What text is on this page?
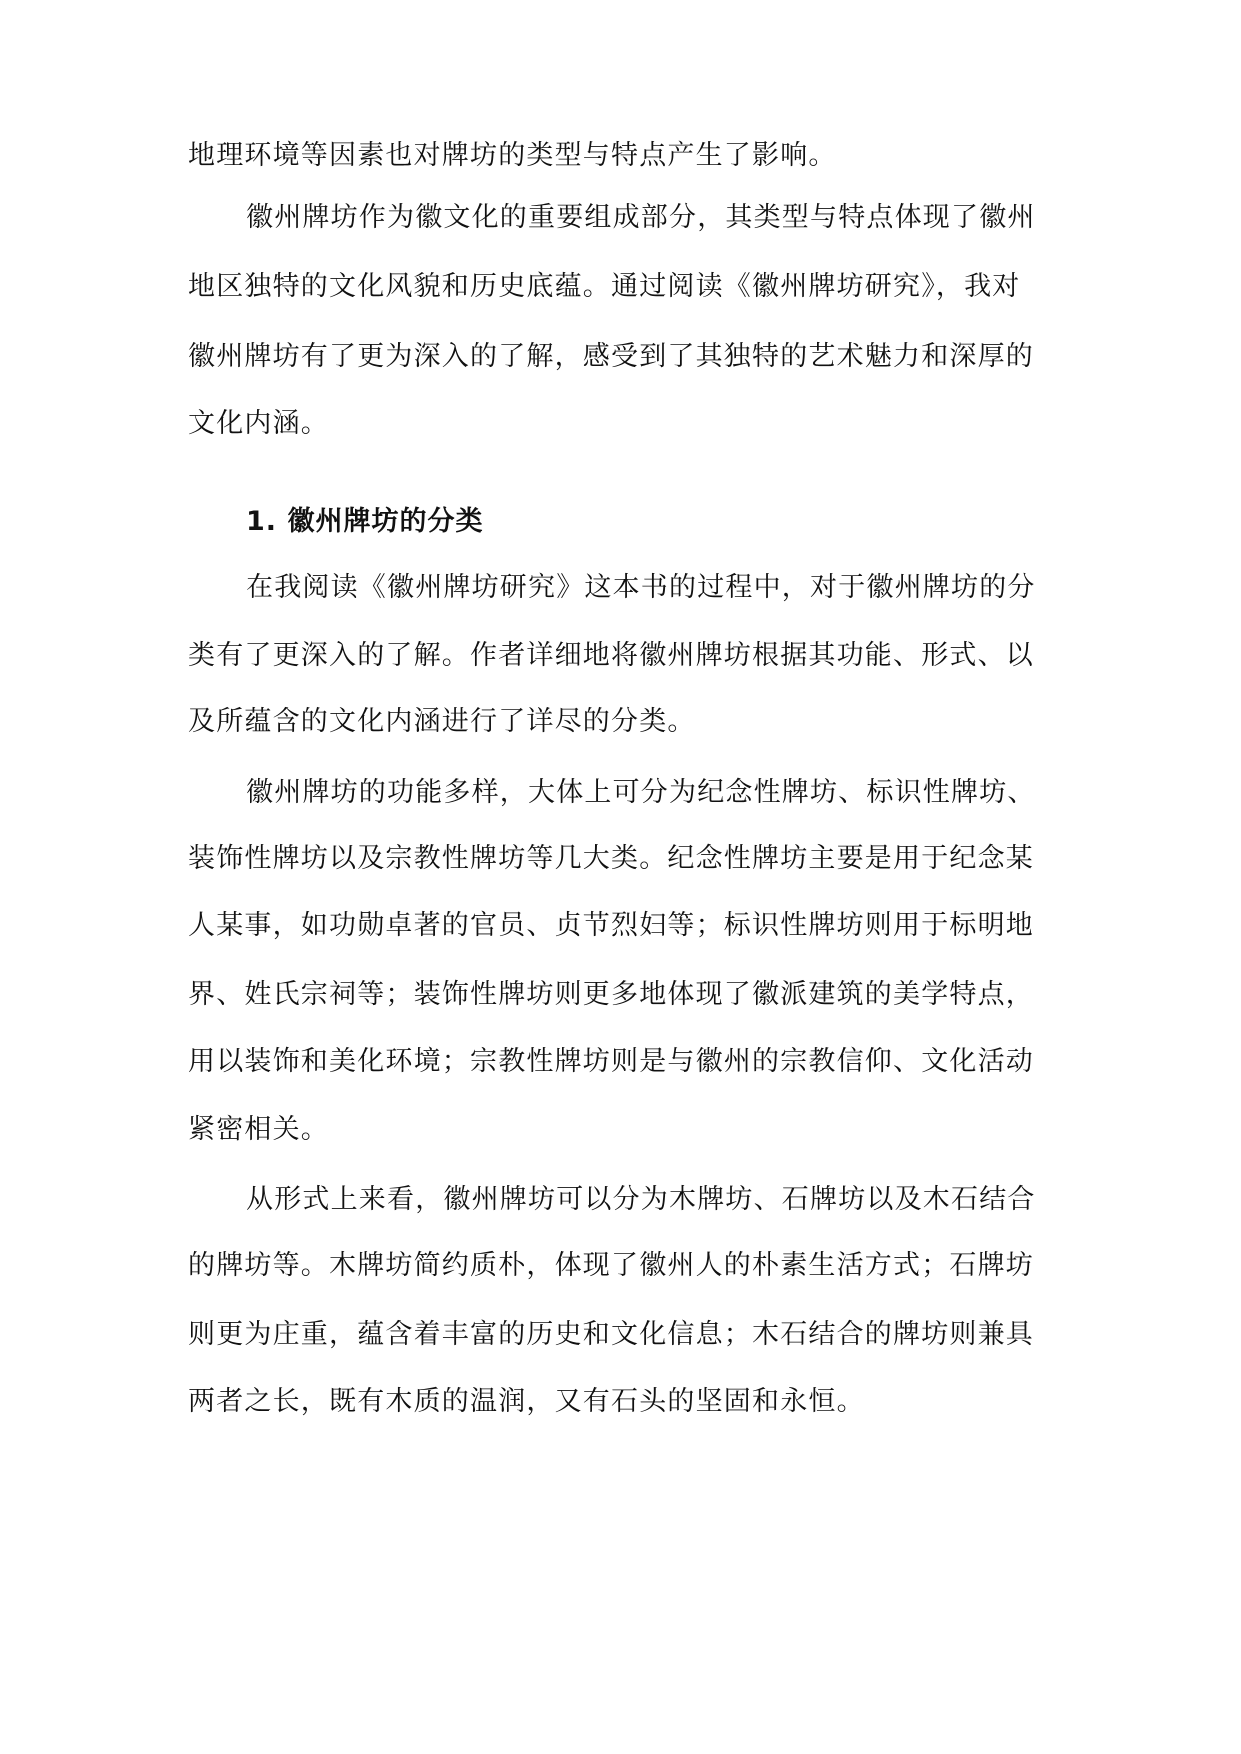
地理环境等因素也对牌坊的类型与特点产生了影响。
徽州牌坊作为徽文化的重要组成部分，其类型与特点体现了徽州
地区独特的文化风貌和历史底蕴。通过阅读《徽州牌坊研究》，我对
徽州牌坊有了更为深入的了解，感受到了其独特的艺术魅力和深厚的
文化内涵。
1. 徽州牌坊的分类
在我阅读《徽州牌坊研究》这本书的过程中，对于徽州牌坊的分
类有了更深入的了解。作者详细地将徽州牌坊根据其功能、形式、以
及所蕴含的文化内涵进行了详尽的分类。
徽州牌坊的功能多样，大体上可分为纪念性牌坊、标识性牌坊、
装饰性牌坊以及宗教性牌坊等几大类。纪念性牌坊主要是用于纪念某
人某事，如功勋卓著的官员、贞节烈妇等；标识性牌坊则用于标明地
界、姓氏宗祠等；装饰性牌坊则更多地体现了徽派建筑的美学特点，
用以装饰和美化环境；宗教性牌坊则是与徽州的宗教信仰、文化活动
紧密相关。
从形式上来看，徽州牌坊可以分为木牌坊、石牌坊以及木石结合
的牌坊等。木牌坊简约质朴，体现了徽州人的朴素生活方式；石牌坊
则更为庄重，蕴含着丰富的历史和文化信息；木石结合的牌坊则兼具
两者之长，既有木质的温润，又有石头的坚固和永恒。
